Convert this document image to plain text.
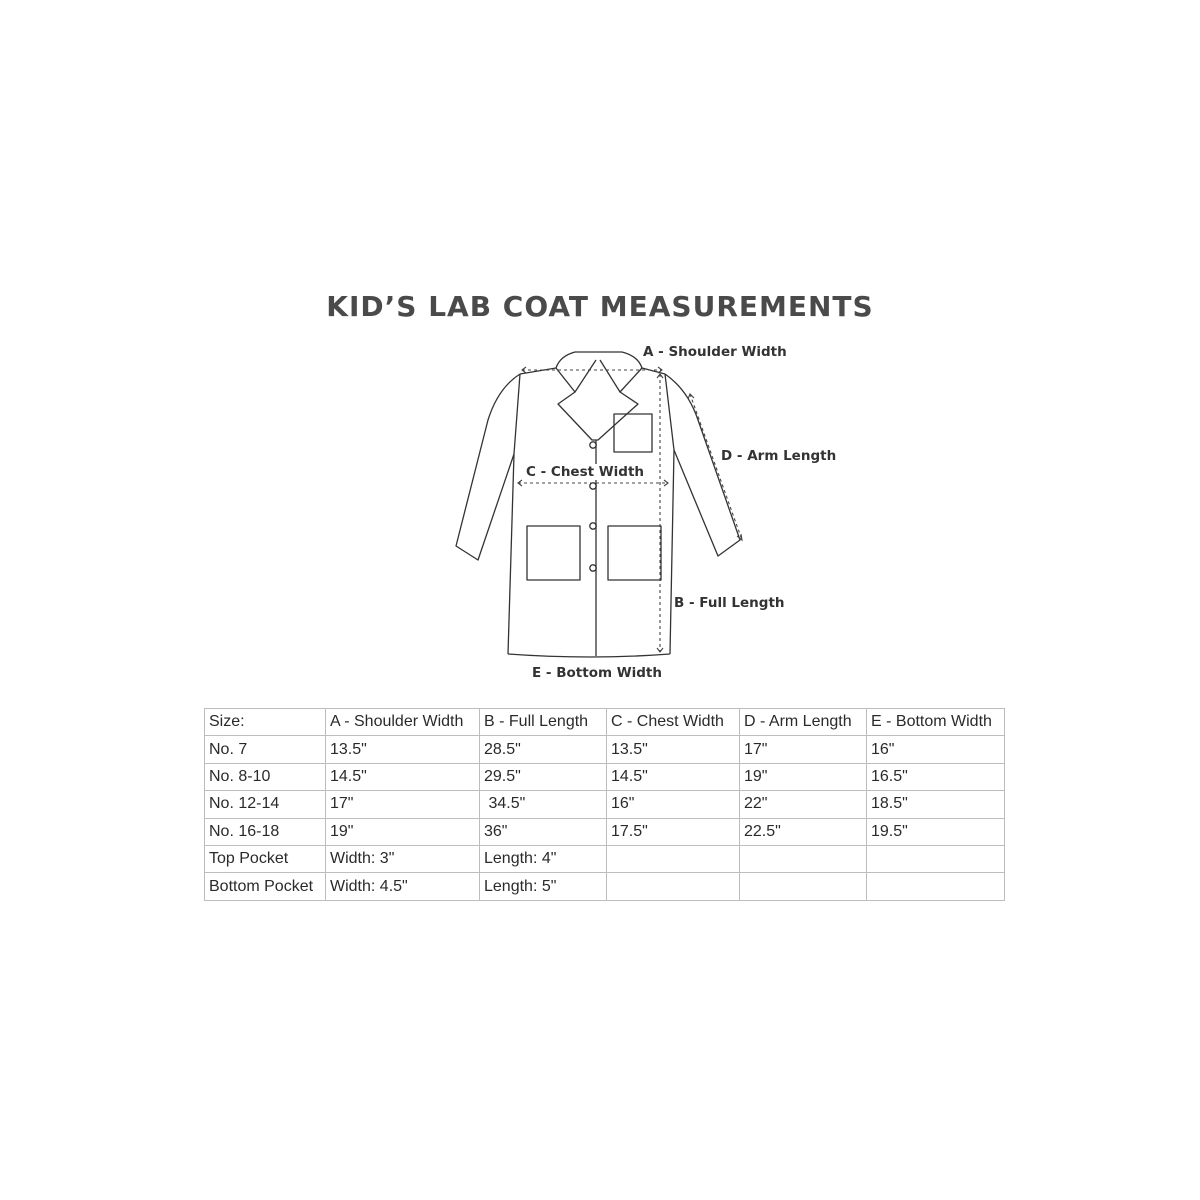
KID’S LAB COAT MEASUREMENTS
A - Shoulder Width
D - Arm Length
C - Chest Width
B - Full Length
E - Bottom Width
Size:	A - Shoulder Width	B - Full Length	C - Chest Width	D - Arm Length	E - Bottom Width
No. 7	13.5"	28.5"	13.5"	17"	16"
No. 8-10	14.5"	29.5"	14.5"	19"	16.5"
No. 12-14	17"	34.5"	16"	22"	18.5"
No. 16-18	19"	36"	17.5"	22.5"	19.5"
Top Pocket	Width: 3"	Length: 4"			
Bottom Pocket	Width: 4.5"	Length: 5"			
